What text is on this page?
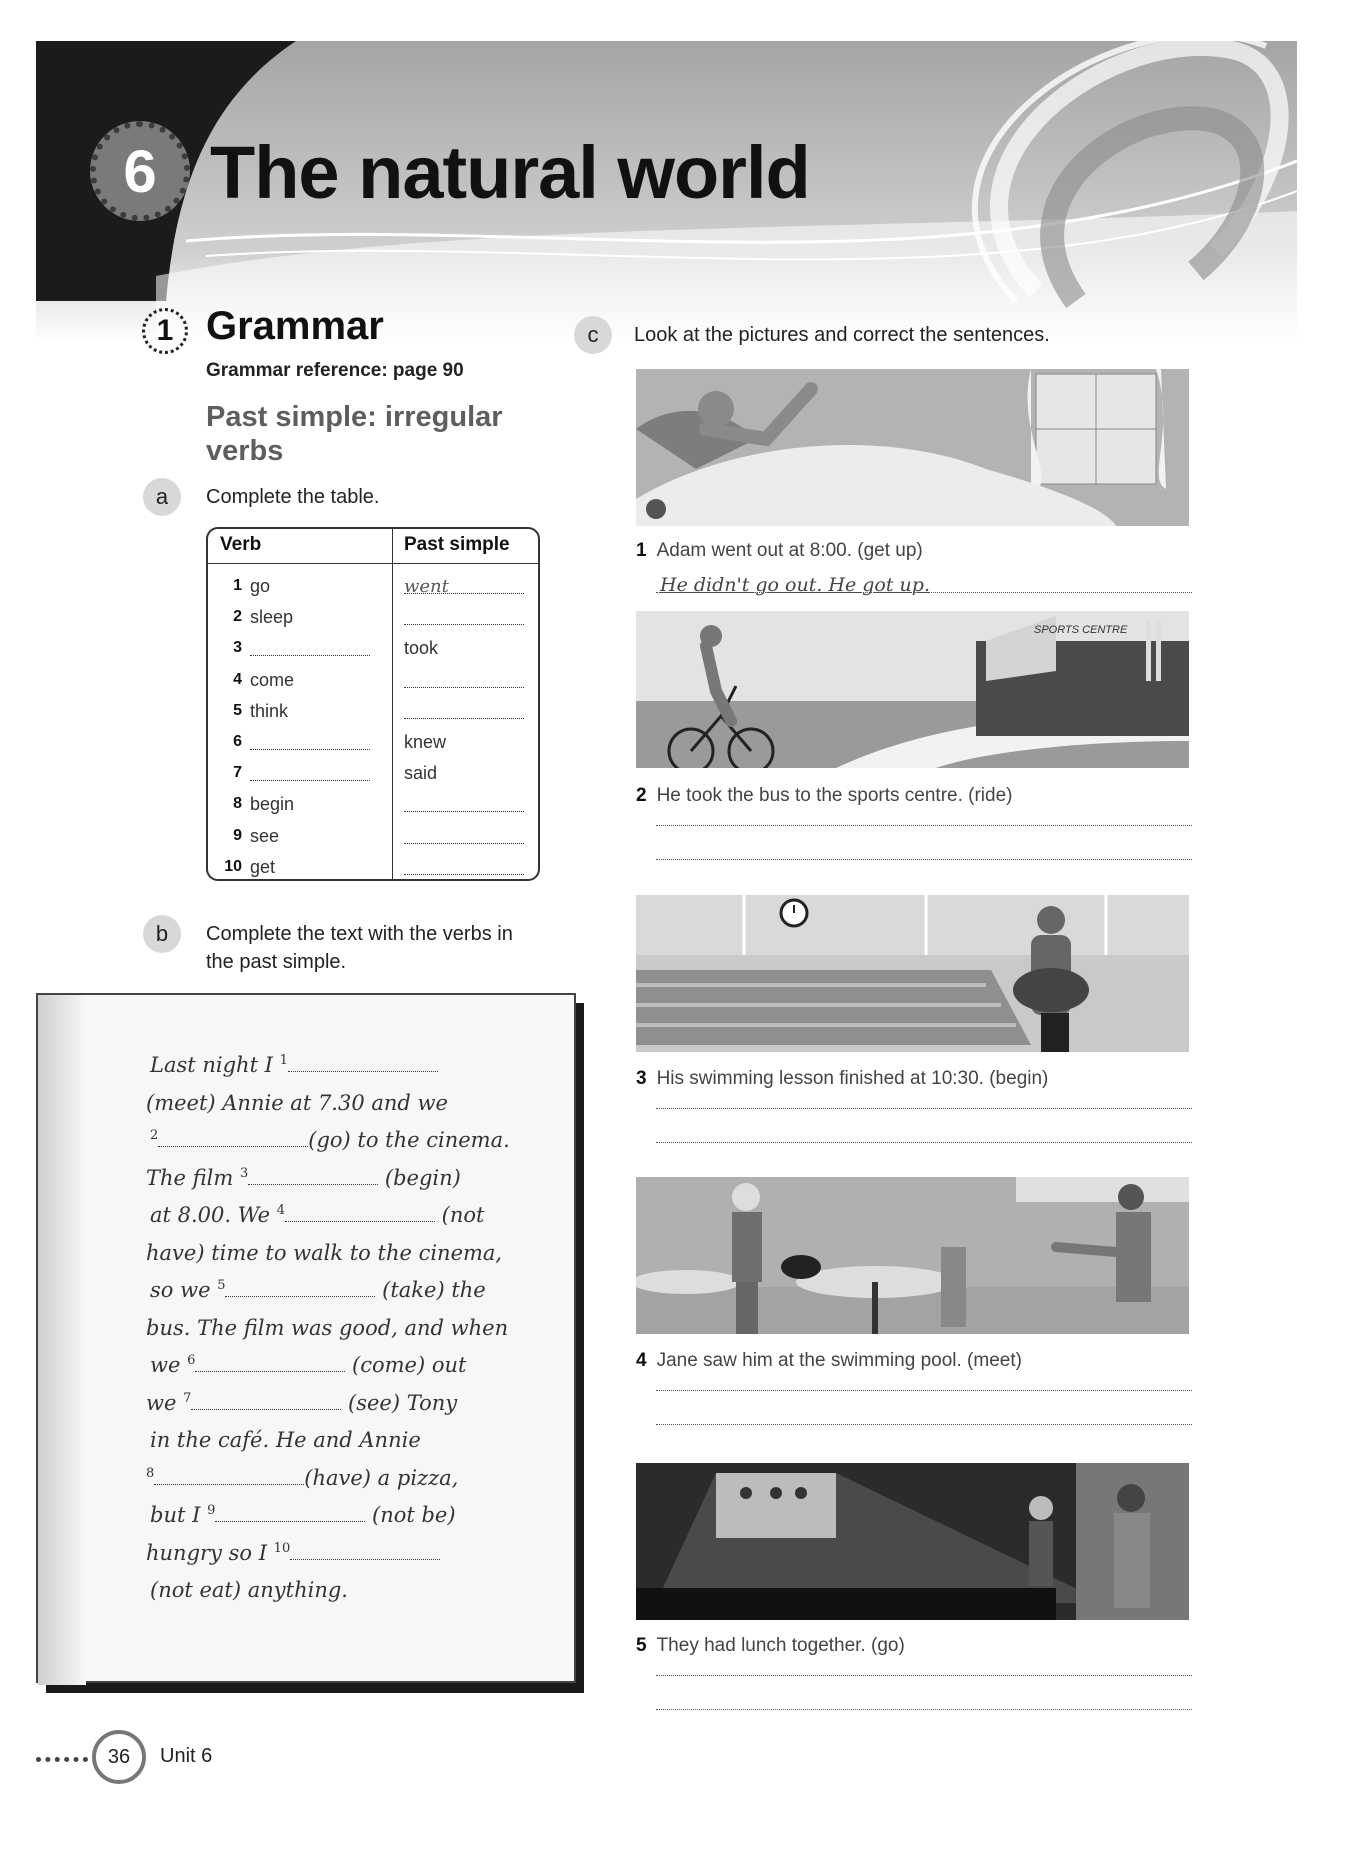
6 The natural world
1 Grammar
Grammar reference: page 90
Past simple: irregular verbs
a	Complete the table.
Verb	Past simple
1 go	went
2 sleep
3	took
4 come
5 think
6	knew
7	said
8 begin
9 see
10 get
b	Complete the text with the verbs in the past simple.
Last night I $^1$
(meet) Annie at 7.30 and we
$^2$	(go) to the cinema.
The film $^3$	(begin)
at 8.00. We $^4$	(not
have) time to walk to the cinema,
so we $^5$	(take) the
bus. The film was good, and when
we $^6$	(come) out
we $^7$	(see) Tony
in the café. He and Annie
$^8$	(have) a pizza,
but I $^9$	(not be)
hungry so I $^{10}$
(not eat) anything.
c	Look at the pictures and correct the sentences.
SPORTS CENTRE
1 Adam went out at 8:00. (get up)
He didn't go out. He got up.
2 He took the bus to the sports centre. (ride)
3 His swimming lesson finished at 10:30. (begin)
4 Jane saw him at the swimming pool. (meet)
5 They had lunch together. (go)
36 Unit 6
